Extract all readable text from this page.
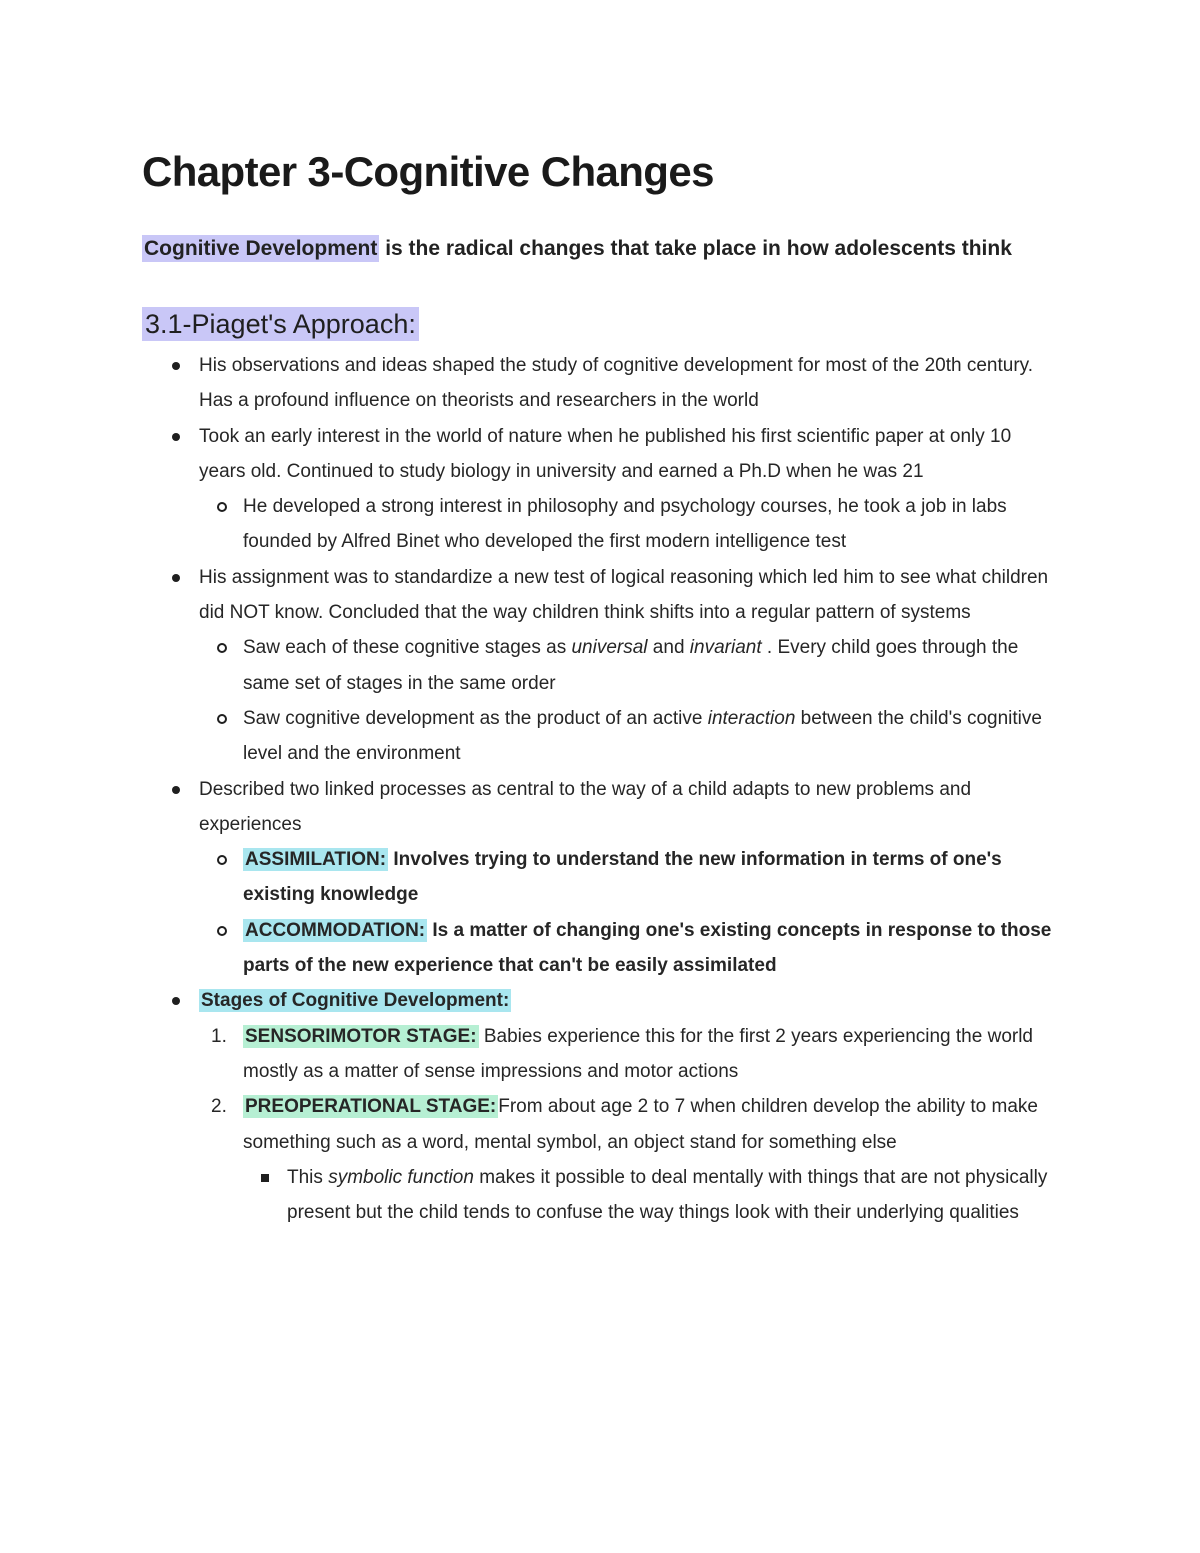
Chapter 3-Cognitive Changes
Cognitive Development is the radical changes that take place in how adolescents think
3.1-Piaget's Approach:
His observations and ideas shaped the study of cognitive development for most of the 20th century. Has a profound influence on theorists and researchers in the world
Took an early interest in the world of nature when he published his first scientific paper at only 10 years old. Continued to study biology in university and earned a Ph.D when he was 21
He developed a strong interest in philosophy and psychology courses, he took a job in labs founded by Alfred Binet who developed the first modern intelligence test
His assignment was to standardize a new test of logical reasoning which led him to see what children did NOT know. Concluded that the way children think shifts into a regular pattern of systems
Saw each of these cognitive stages as universal and invariant . Every child goes through the same set of stages in the same order
Saw cognitive development as the product of an active interaction between the child's cognitive level and the environment
Described two linked processes as central to the way of a child adapts to new problems and experiences
ASSIMILATION: Involves trying to understand the new information in terms of one's existing knowledge
ACCOMMODATION: Is a matter of changing one's existing concepts in response to those parts of the new experience that can't be easily assimilated
Stages of Cognitive Development:
1. SENSORIMOTOR STAGE: Babies experience this for the first 2 years experiencing the world mostly as a matter of sense impressions and motor actions
2. PREOPERATIONAL STAGE: From about age 2 to 7 when children develop the ability to make something such as a word, mental symbol, an object stand for something else
This symbolic function makes it possible to deal mentally with things that are not physically present but the child tends to confuse the way things look with their underlying qualities
